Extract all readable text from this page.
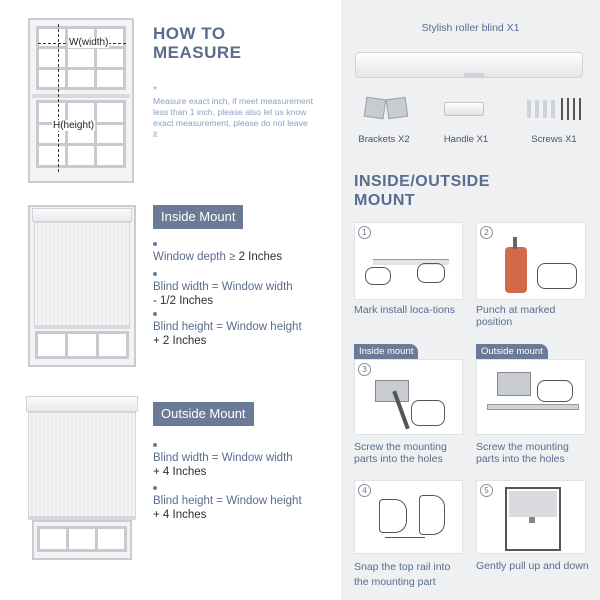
W(width)
H(height)
HOW TO
MEASURE
*
Measure exact inch, if meet measurement less than 1 inch, please also let us know exact measurement, please do not leave it
Inside Mount
Window depth ≥ 2 Inches
Blind width = Window width
- 1/2 Inches
Blind height = Window height
+ 2 Inches
Outside Mount
Blind width = Window width
+ 4 Inches
Blind height = Window height
+ 4 Inches
Stylish roller blind X1
Brackets X2	Handle X1	Screws X1
INSIDE/OUTSIDE
MOUNT
1
Mark install loca-tions
2
Punch at marked
position
Inside mount
3
Screw the mounting
parts into the holes
Outside mount
Screw the mounting
parts into the holes
4
Snap the top rail into
the mounting part
5
Gently pull up and down
